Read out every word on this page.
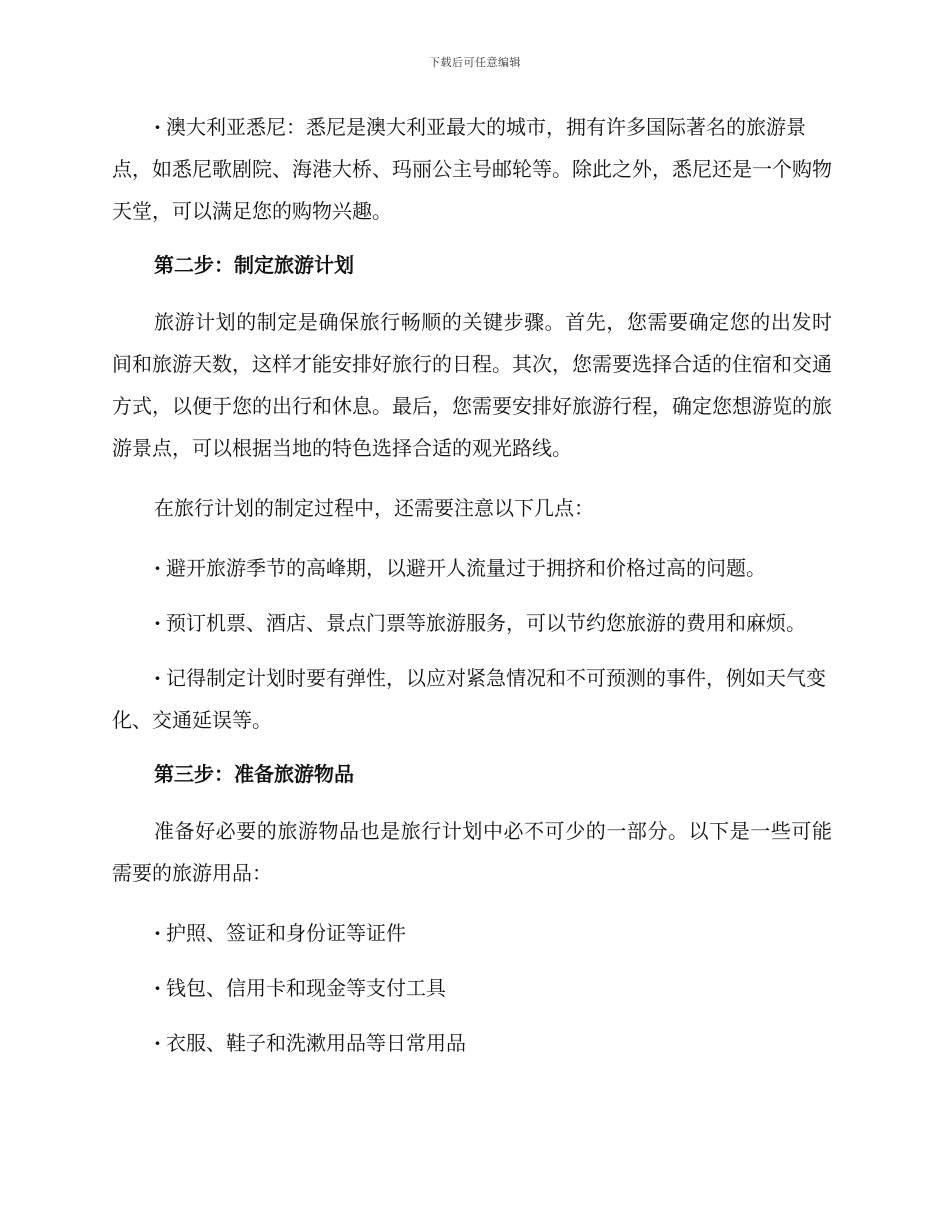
下载后可任意编辑

· 澳大利亚悉尼：悉尼是澳大利亚最大的城市，拥有许多国际著名的旅游景点，如悉尼歌剧院、海港大桥、玛丽公主号邮轮等。除此之外，悉尼还是一个购物天堂，可以满足您的购物兴趣。

第二步：制定旅游计划

旅游计划的制定是确保旅行畅顺的关键步骤。首先，您需要确定您的出发时间和旅游天数，这样才能安排好旅行的日程。其次，您需要选择合适的住宿和交通方式，以便于您的出行和休息。最后，您需要安排好旅游行程，确定您想游览的旅游景点，可以根据当地的特色选择合适的观光路线。

在旅行计划的制定过程中，还需要注意以下几点：

· 避开旅游季节的高峰期，以避开人流量过于拥挤和价格过高的问题。

· 预订机票、酒店、景点门票等旅游服务，可以节约您旅游的费用和麻烦。

· 记得制定计划时要有弹性，以应对紧急情况和不可预测的事件，例如天气变化、交通延误等。

第三步：准备旅游物品

准备好必要的旅游物品也是旅行计划中必不可少的一部分。以下是一些可能需要的旅游用品：

· 护照、签证和身份证等证件

· 钱包、信用卡和现金等支付工具

· 衣服、鞋子和洗漱用品等日常用品
